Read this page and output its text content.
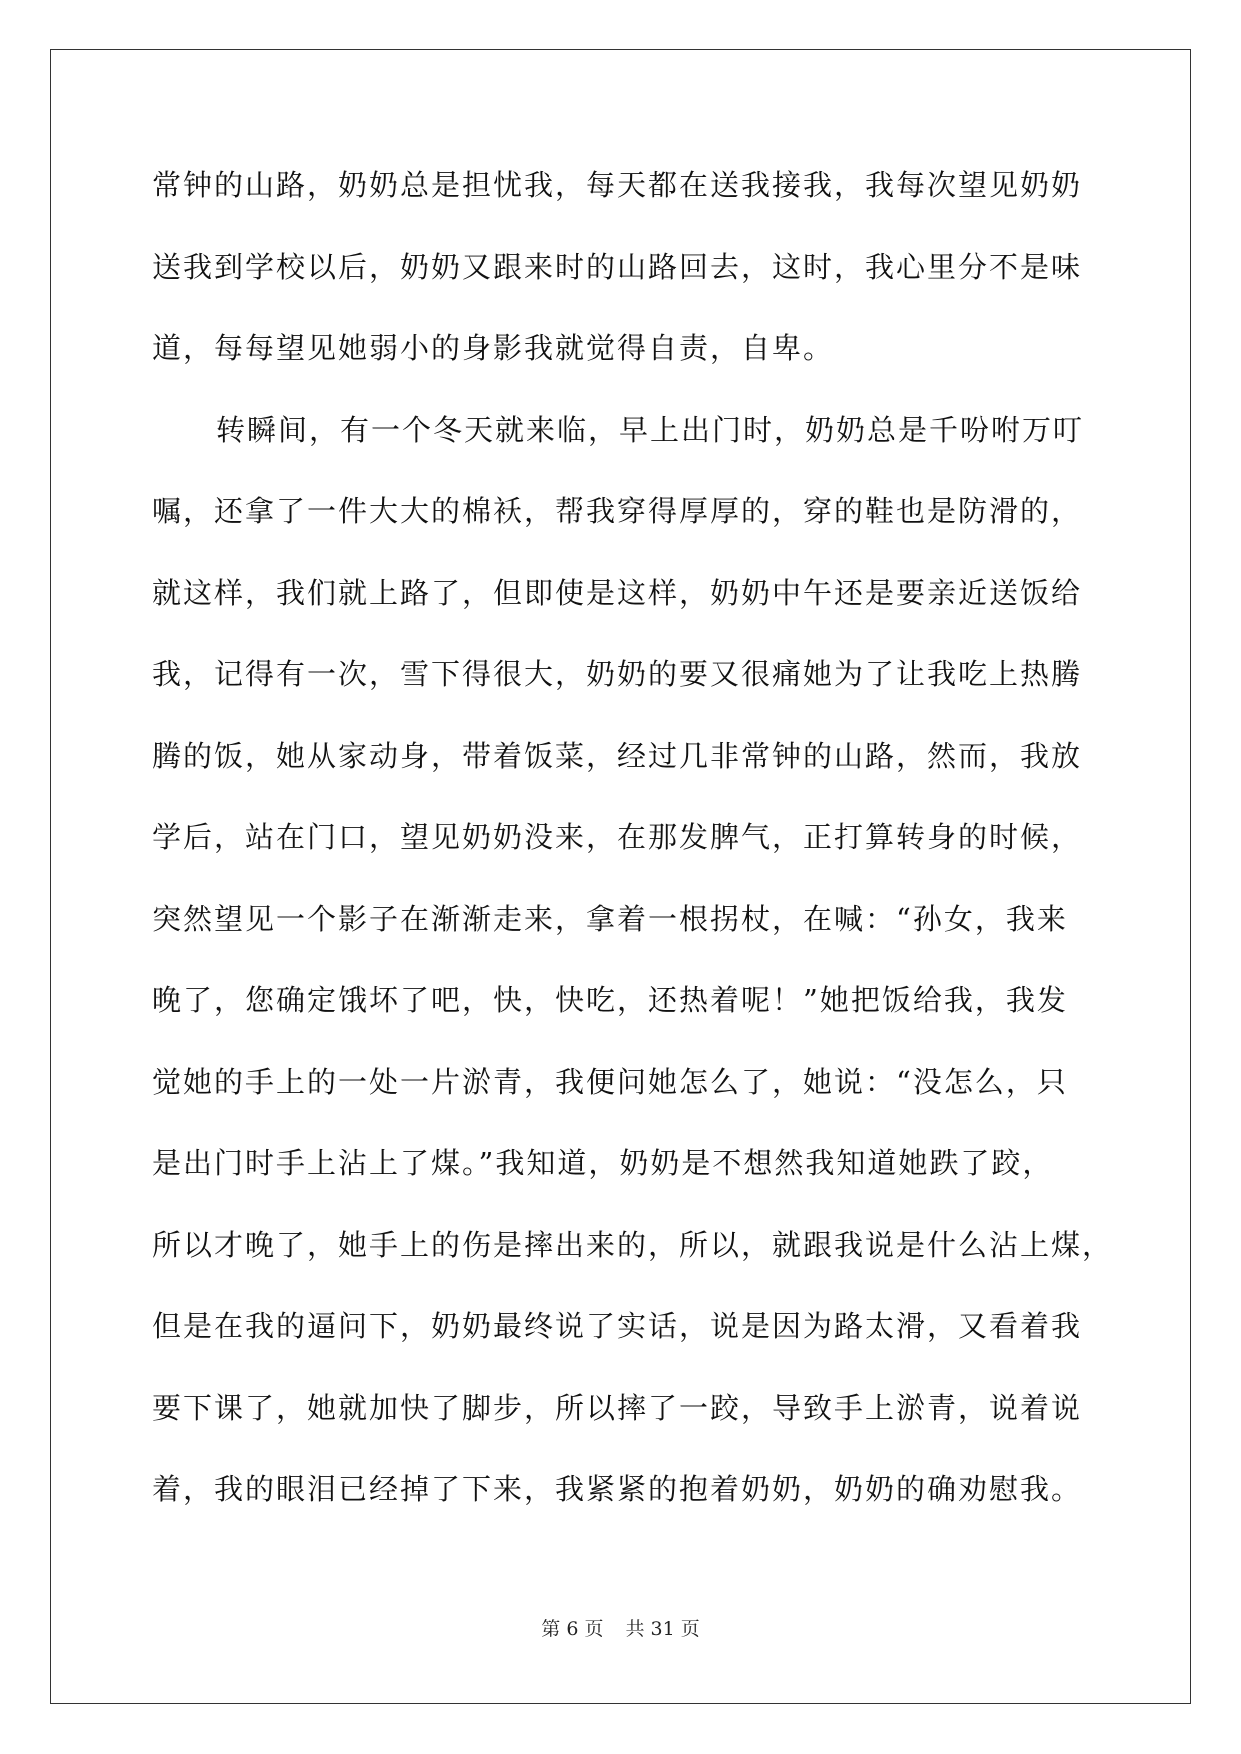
常钟的山路，奶奶总是担忧我，每天都在送我接我，我每次望见奶奶
送我到学校以后，奶奶又跟来时的山路回去，这时，我心里分不是味
道，每每望见她弱小的身影我就觉得自责，自卑。
转瞬间，有一个冬天就来临，早上出门时，奶奶总是千吩咐万叮
嘱，还拿了一件大大的棉袄，帮我穿得厚厚的，穿的鞋也是防滑的，
就这样，我们就上路了，但即使是这样，奶奶中午还是要亲近送饭给
我，记得有一次，雪下得很大，奶奶的要又很痛她为了让我吃上热腾
腾的饭，她从家动身，带着饭菜，经过几非常钟的山路，然而，我放
学后，站在门口，望见奶奶没来，在那发脾气，正打算转身的时候，
突然望见一个影子在渐渐走来，拿着一根拐杖，在喊：“孙女，我来
晚了，您确定饿坏了吧，快，快吃，还热着呢！”她把饭给我，我发
觉她的手上的一处一片淤青，我便问她怎么了，她说：“没怎么，只
是出门时手上沾上了煤。”我知道，奶奶是不想然我知道她跌了跤，
所以才晚了，她手上的伤是摔出来的，所以，就跟我说是什么沾上煤，
但是在我的逼问下，奶奶最终说了实话，说是因为路太滑，又看着我
要下课了，她就加快了脚步，所以摔了一跤，导致手上淤青，说着说
着，我的眼泪已经掉了下来，我紧紧的抱着奶奶，奶奶的确劝慰我。
第 6 页 共 31 页
